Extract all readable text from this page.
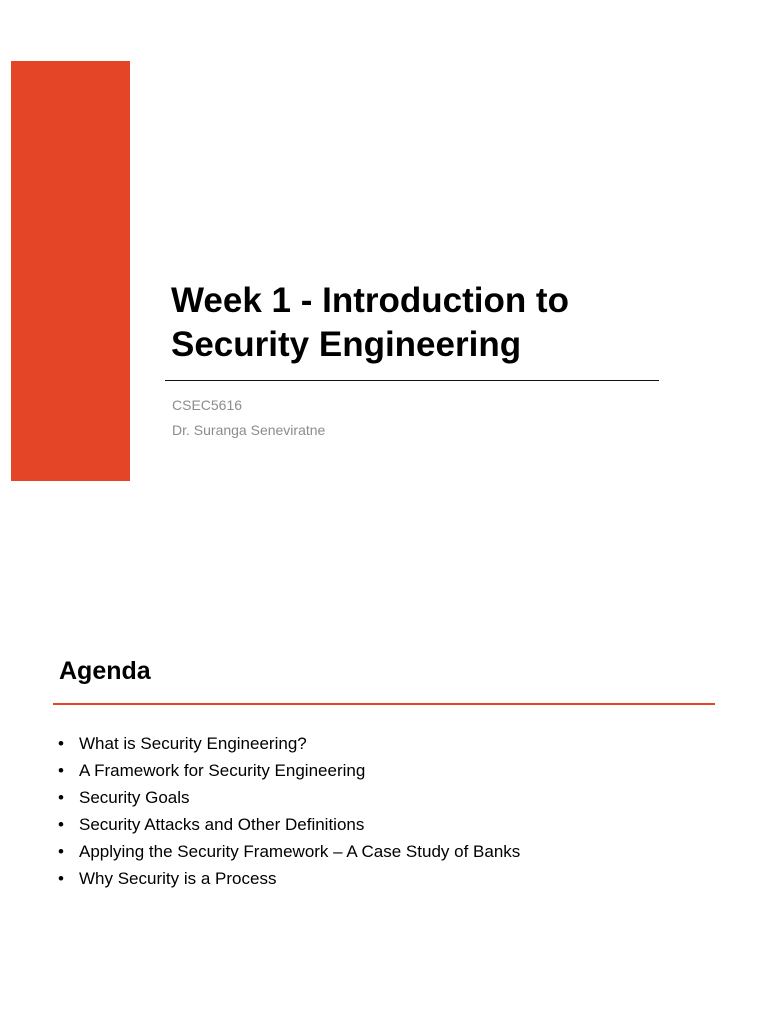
Week 1 - Introduction to
Security Engineering
CSEC5616
Dr. Suranga Seneviratne
Agenda
• What is Security Engineering?
• A Framework for Security Engineering
• Security Goals
• Security Attacks and Other Definitions
• Applying the Security Framework – A Case Study of Banks
• Why Security is a Process
